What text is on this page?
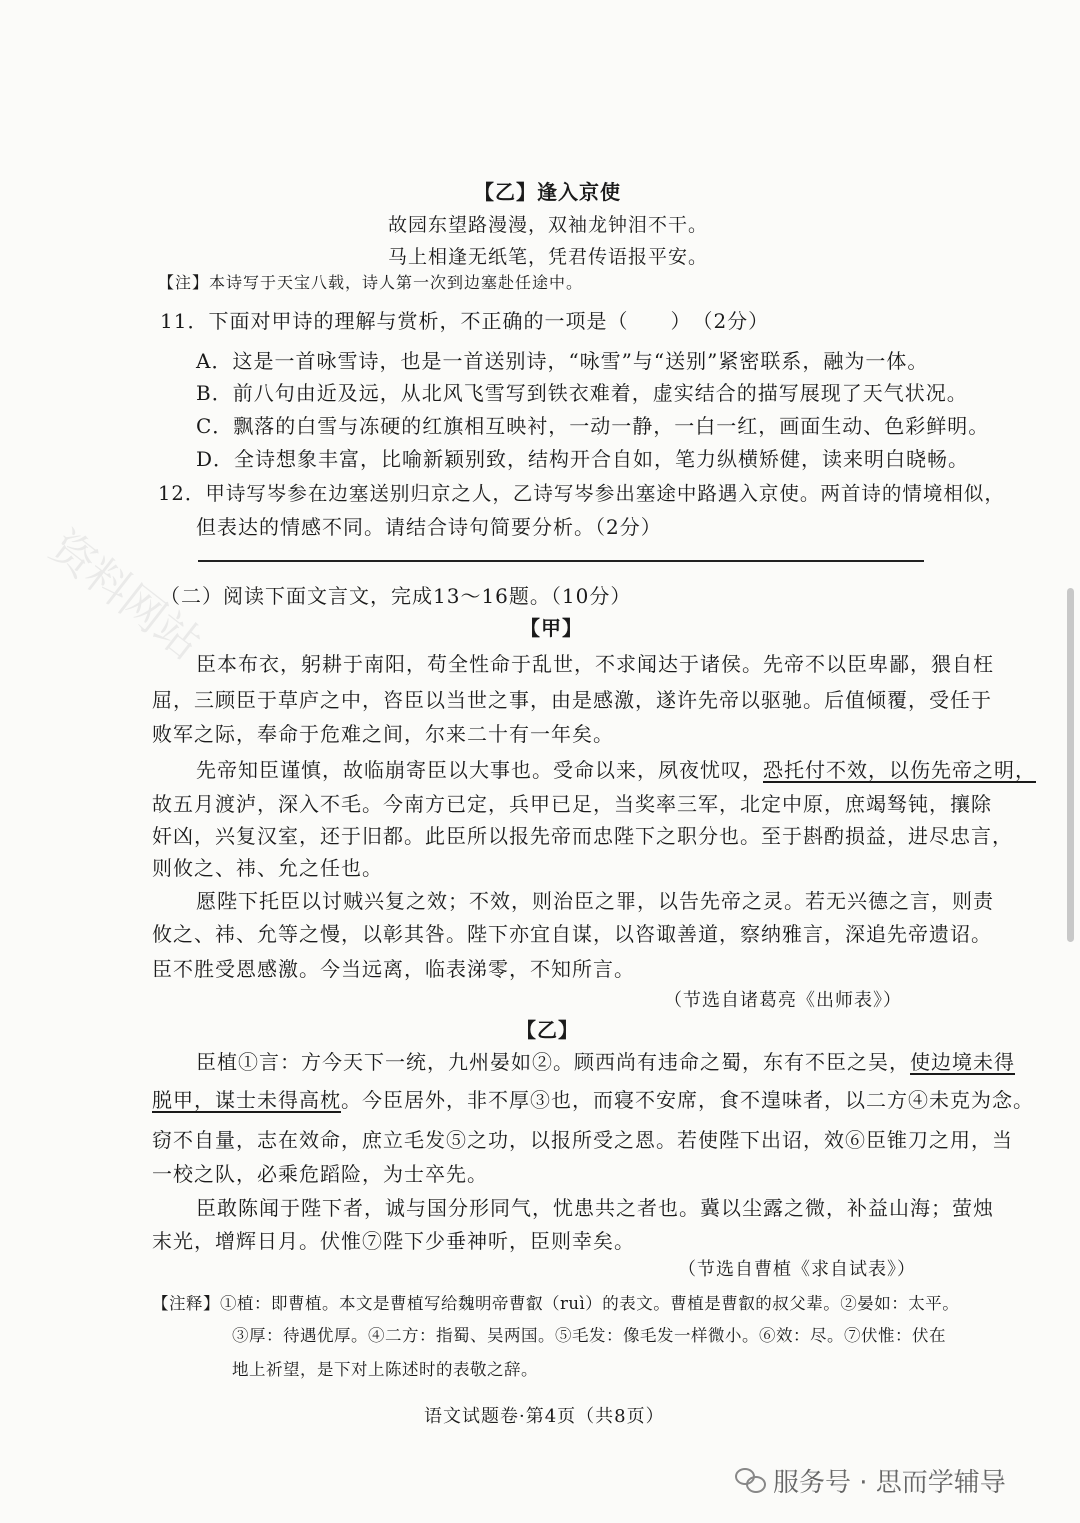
资料网站
【乙】逢入京使
故园东望路漫漫，双袖龙钟泪不干。
马上相逢无纸笔，凭君传语报平安。
【注】本诗写于天宝八载，诗人第一次到边塞赴任途中。
11．下面对甲诗的理解与赏析，不正确的一项是（　　）　（2分）
A．这是一首咏雪诗，也是一首送别诗，“咏雪”与“送别”紧密联系，融为一体。
B．前八句由近及远，从北风飞雪写到铁衣难着，虚实结合的描写展现了天气状况。
C．飘落的白雪与冻硬的红旗相互映衬，一动一静，一白一红，画面生动、色彩鲜明。
D．全诗想象丰富，比喻新颖别致，结构开合自如，笔力纵横矫健，读来明白晓畅。
12．甲诗写岑参在边塞送别归京之人，乙诗写岑参出塞途中路遇入京使。两首诗的情境相似，
但表达的情感不同。请结合诗句简要分析。（2分）
（二）阅读下面文言文，完成13～16题。（10分）
【甲】
臣本布衣，躬耕于南阳，苟全性命于乱世，不求闻达于诸侯。先帝不以臣卑鄙，猥自枉
屈，三顾臣于草庐之中，咨臣以当世之事，由是感激，遂许先帝以驱驰。后值倾覆，受任于
败军之际，奉命于危难之间，尔来二十有一年矣。
先帝知臣谨慎，故临崩寄臣以大事也。受命以来，夙夜忧叹，恐托付不效，以伤先帝之明，
故五月渡泸，深入不毛。今南方已定，兵甲已足，当奖率三军，北定中原，庶竭驽钝，攘除
奸凶，兴复汉室，还于旧都。此臣所以报先帝而忠陛下之职分也。至于斟酌损益，进尽忠言，
则攸之、祎、允之任也。
愿陛下托臣以讨贼兴复之效；不效，则治臣之罪，以告先帝之灵。若无兴德之言，则责
攸之、祎、允等之慢，以彰其咎。陛下亦宜自谋，以咨诹善道，察纳雅言，深追先帝遗诏。
臣不胜受恩感激。今当远离，临表涕零，不知所言。
（节选自诸葛亮《出师表》）
【乙】
臣植①言：方今天下一统，九州晏如②。顾西尚有违命之蜀，东有不臣之吴，使边境未得
脱甲，谋士未得高枕。今臣居外，非不厚③也，而寝不安席，食不遑味者，以二方④未克为念。
窃不自量，志在效命，庶立毛发⑤之功，以报所受之恩。若使陛下出诏，效⑥臣锥刀之用，当
一校之队，必乘危蹈险，为士卒先。
臣敢陈闻于陛下者，诚与国分形同气，忧患共之者也。冀以尘露之微，补益山海；萤烛
末光，增辉日月。伏惟⑦陛下少垂神听，臣则幸矣。
（节选自曹植《求自试表》）
【注释】①植：即曹植。本文是曹植写给魏明帝曹叡（ruì）的表文。曹植是曹叡的叔父辈。②晏如：太平。
③厚：待遇优厚。④二方：指蜀、吴两国。⑤毛发：像毛发一样微小。⑥效：尽。⑦伏惟：伏在
地上祈望，是下对上陈述时的表敬之辞。
语文试题卷·第4页（共8页）
服务号 · 思而学辅导
